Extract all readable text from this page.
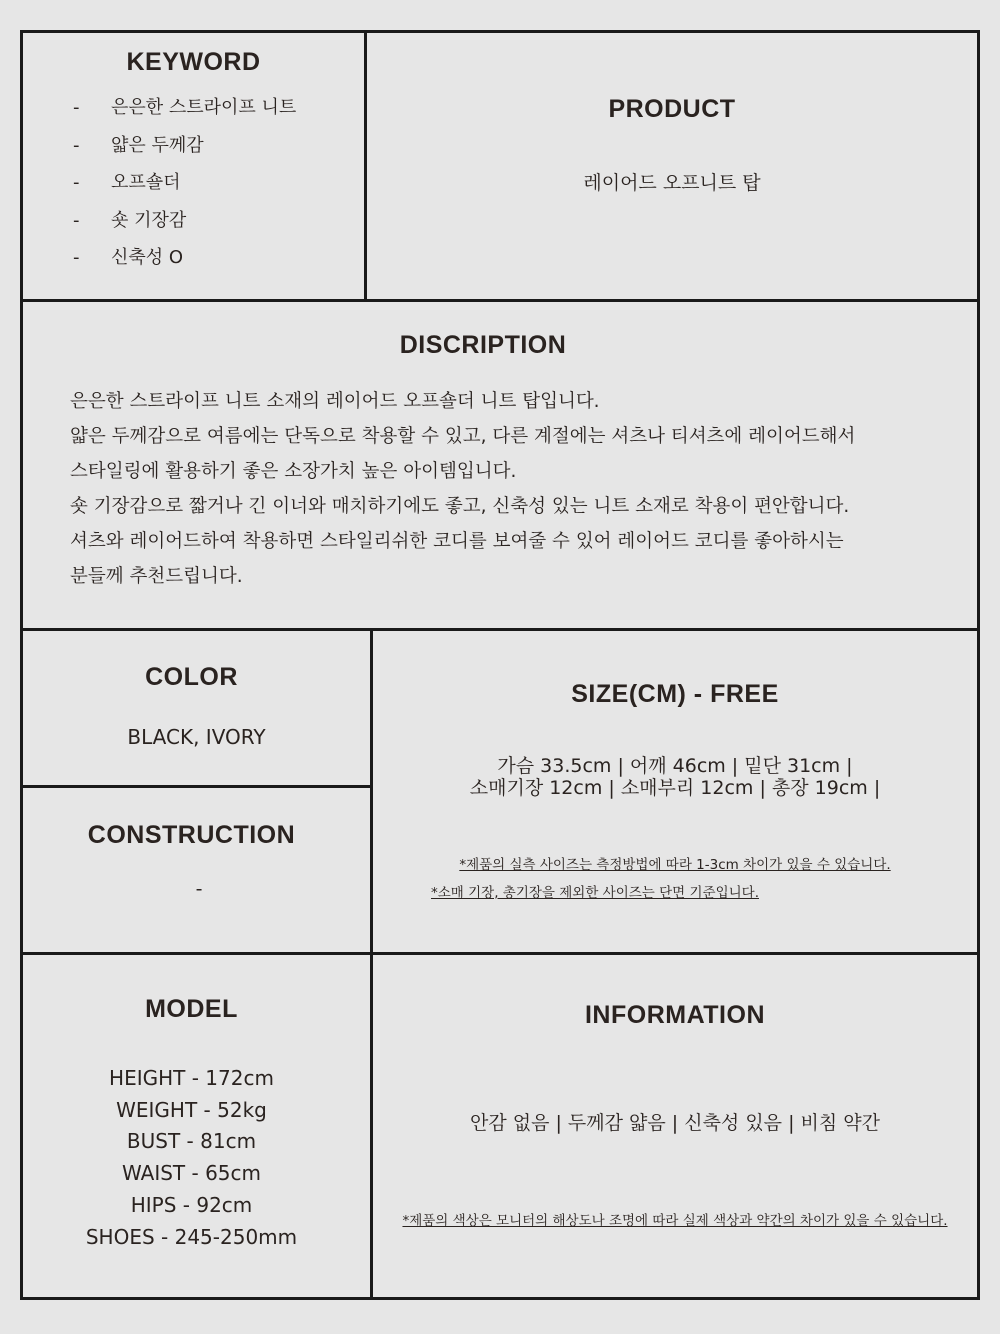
KEYWORD
- 은은한 스트라이프 니트
- 얇은 두께감
- 오프숄더
- 숏 기장감
- 신축성 O
PRODUCT
레이어드 오프니트 탑
DISCRIPTION

은은한 스트라이프 니트 소재의 레이어드 오프숄더 니트 탑입니다.

얇은 두께감으로 여름에는 단독으로 착용할 수 있고, 다른 계절에는 셔츠나 티셔츠에 레이어드해서

스타일링에 활용하기 좋은 소장가치 높은 아이템입니다.

숏 기장감으로 짧거나 긴 이너와 매치하기에도 좋고, 신축성 있는 니트 소재로 착용이 편안합니다.

셔츠와 레이어드하여 착용하면 스타일리쉬한 코디를 보여줄 수 있어 레이어드 코디를 좋아하시는

분들께 추천드립니다.

COLOR
BLACK, IVORY
CONSTRUCTION
-
SIZE(CM) - FREE
가슴 33.5cm | 어깨 46cm | 밑단 31cm |
소매기장 12cm | 소매부리 12cm | 총장 19cm |
*제품의 실측 사이즈는 측정방법에 따라 1-3cm 차이가 있을 수 있습니다.
*소매 기장, 총기장을 제외한 사이즈는 단면 기준입니다.
MODEL
HEIGHT - 172cm
WEIGHT - 52kg
BUST - 81cm
WAIST - 65cm
HIPS - 92cm
SHOES - 245-250mm
INFORMATION
안감 없음 | 두께감 얇음 | 신축성 있음 | 비침 약간
*제품의 색상은 모니터의 해상도나 조명에 따라 실제 색상과 약간의 차이가 있을 수 있습니다.
